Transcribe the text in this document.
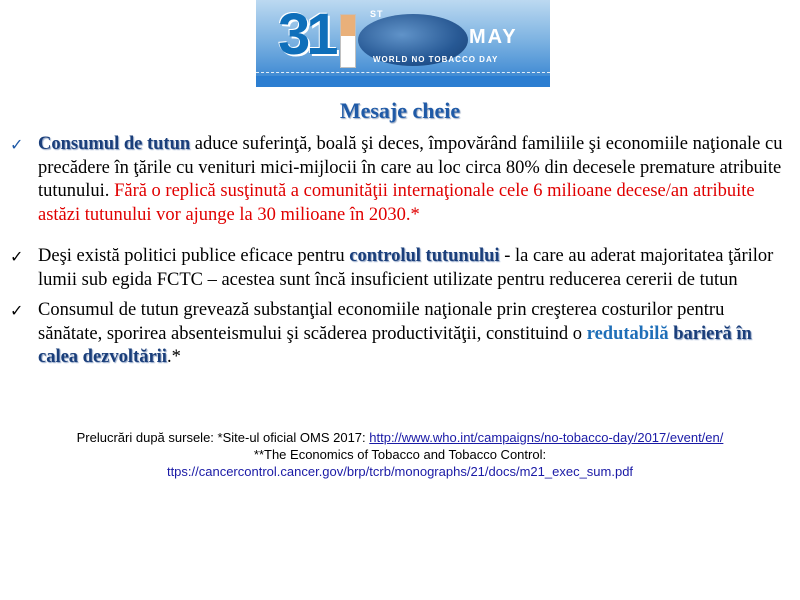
31	ST
MAY
WORLD NO TOBACCO DAY
Mesaje cheie
✓ Consumul de tutun aduce suferinţă, boală şi deces, împovărând familiile şi economiile naţionale cu precădere în ţările cu venituri mici-mijlocii în care au loc circa 80% din decesele premature atribuite tutunului. Fără o replică susţinută a comunităţii internaţionale cele 6 milioane decese/an atribuite astăzi tutunului vor ajunge la 30 milioane în 2030.*
✓ Deşi există politici publice eficace pentru controlul tutunului - la care au aderat majoritatea ţărilor lumii sub egida FCTC – acestea sunt încă insuficient utilizate pentru reducerea cererii de tutun
✓ Consumul de tutun grevează substanţial economiile naţionale prin creşterea costurilor pentru sănătate, sporirea absenteismului şi scăderea productivităţii, constituind o redutabilă barieră în calea dezvoltării.*
Prelucrări după sursele: *Site-ul oficial OMS 2017: http://www.who.int/campaigns/no-tobacco-day/2017/event/en/
**The Economics of Tobacco and Tobacco Control:
ttps://cancercontrol.cancer.gov/brp/tcrb/monographs/21/docs/m21_exec_sum.pdf
